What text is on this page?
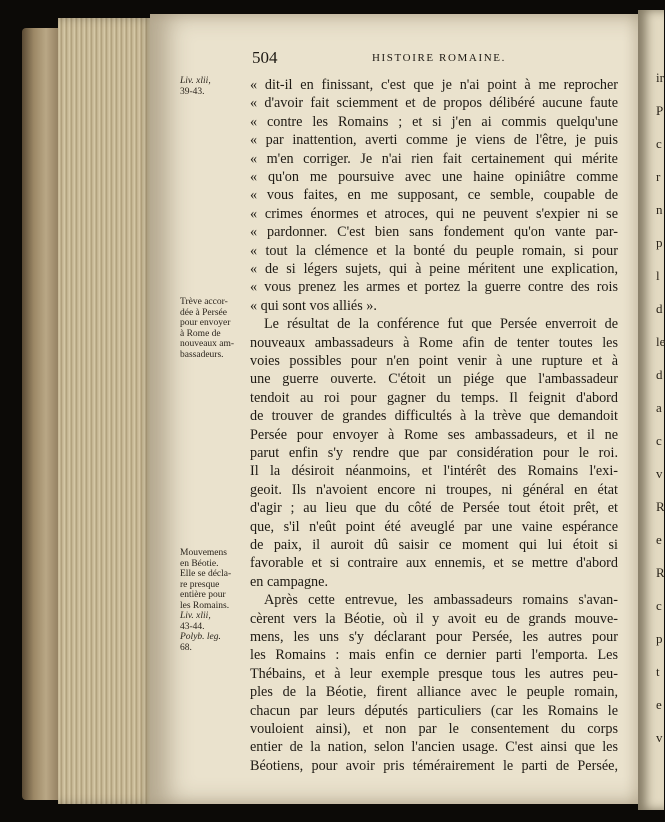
504	HISTOIRE ROMAINE.
Liv. xlii,
39-43.
Trève accor-
dée à Persée
pour envoyer
à Rome de
nouveaux am-
bassadeurs.
Mouvemens
en Béotie.
Elle se décla-
re presque
entière pour
les Romains.
Liv. xlii,
43-44.
Polyb. leg.
68.
« dit-il en finissant, c'est que je n'ai point à me reprocher
« d'avoir fait sciemment et de propos délibéré aucune faute
« contre les Romains ; et si j'en ai commis quelqu'une
« par inattention, averti comme je viens de l'être, je puis
« m'en corriger. Je n'ai rien fait certainement qui mérite
« qu'on me poursuive avec une haine opiniâtre comme
« vous faites, en me supposant, ce semble, coupable de
« crimes énormes et atroces, qui ne peuvent s'expier ni se
« pardonner. C'est bien sans fondement qu'on vante par-
« tout la clémence et la bonté du peuple romain, si pour
« de si légers sujets, qui à peine méritent une explication,
« vous prenez les armes et portez la guerre contre des rois
« qui sont vos alliés ».
Le résultat de la conférence fut que Persée enverroit de
nouveaux ambassadeurs à Rome afin de tenter toutes les
voies possibles pour n'en point venir à une rupture et à
une guerre ouverte. C'étoit un piége que l'ambassadeur
tendoit au roi pour gagner du temps. Il feignit d'abord
de trouver de grandes difficultés à la trève que demandoit
Persée pour envoyer à Rome ses ambassadeurs, et il ne
parut enfin s'y rendre que par considération pour le roi.
Il la désiroit néanmoins, et l'intérêt des Romains l'exi-
geoit. Ils n'avoient encore ni troupes, ni général en état
d'agir ; au lieu que du côté de Persée tout étoit prêt, et
que, s'il n'eût point été aveuglé par une vaine espérance
de paix, il auroit dû saisir ce moment qui lui étoit si
favorable et si contraire aux ennemis, et se mettre d'abord
en campagne.
Après cette entrevue, les ambassadeurs romains s'avan-
cèrent vers la Béotie, où il y avoit eu de grands mouve-
mens, les uns s'y déclarant pour Persée, les autres pour
les Romains : mais enfin ce dernier parti l'emporta. Les
Thébains, et à leur exemple presque tous les autres peu-
ples de la Béotie, firent alliance avec le peuple romain,
chacun par leurs députés particuliers (car les Romains le
vouloient ainsi), et non par le consentement du corps
entier de la nation, selon l'ancien usage. C'est ainsi que les
Béotiens, pour avoir pris témérairement le parti de Persée,
ir
P
c
r
n
p
l
d
le
d
a
c
v
R
e
R
c
p
t
e
v
